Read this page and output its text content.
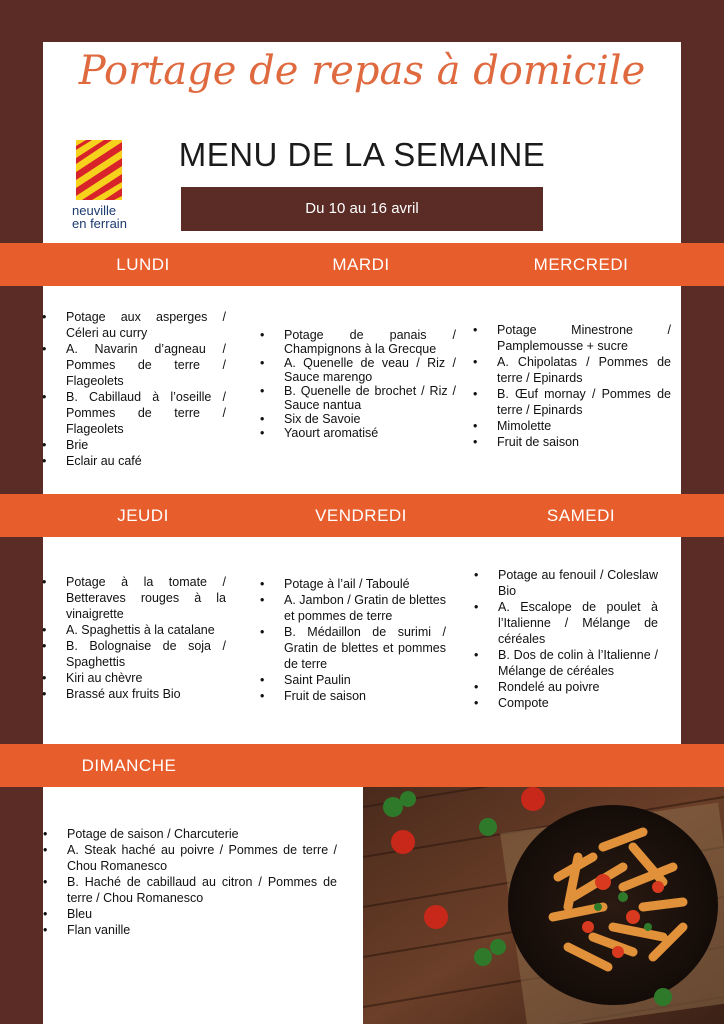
Portage de repas à domicile
neuville
en ferrain
MENU DE LA SEMAINE
Du 10 au 16 avril
LUNDI	MARDI	MERCREDI
• Potage aux asperges / Céleri au curry
• A. Navarin d’agneau / Pommes de terre / Flageolets
• B. Cabillaud à l’oseille / Pommes de terre / Flageolets
• Brie
• Eclair au café
• Potage de panais / Champignons à la Grecque
• A. Quenelle de veau / Riz / Sauce marengo
• B. Quenelle de brochet / Riz / Sauce nantua
• Six de Savoie
• Yaourt aromatisé
• Potage Minestrone / Pamplemousse + sucre
• A. Chipolatas / Pommes de terre / Epinards
• B. Œuf mornay / Pommes de terre / Epinards
• Mimolette
• Fruit de saison
JEUDI	VENDREDI	SAMEDI
• Potage à la tomate / Betteraves rouges à la vinaigrette
• A. Spaghettis à la catalane
• B. Bolognaise de soja / Spaghettis
• Kiri au chèvre
• Brassé aux fruits Bio
• Potage à l’ail / Taboulé
• A. Jambon / Gratin de blettes et pommes de terre
• B. Médaillon de surimi / Gratin de blettes et pommes de terre
• Saint Paulin
• Fruit de saison
• Potage au fenouil / Coleslaw Bio
• A. Escalope de poulet à l’Italienne / Mélange de céréales
• B. Dos de colin à l’Italienne / Mélange de céréales
• Rondelé au poivre
• Compote
DIMANCHE
• Potage de saison / Charcuterie
• A. Steak haché au poivre / Pommes de terre / Chou Romanesco
• B. Haché de cabillaud au citron / Pommes de terre / Chou Romanesco
• Bleu
• Flan vanille
